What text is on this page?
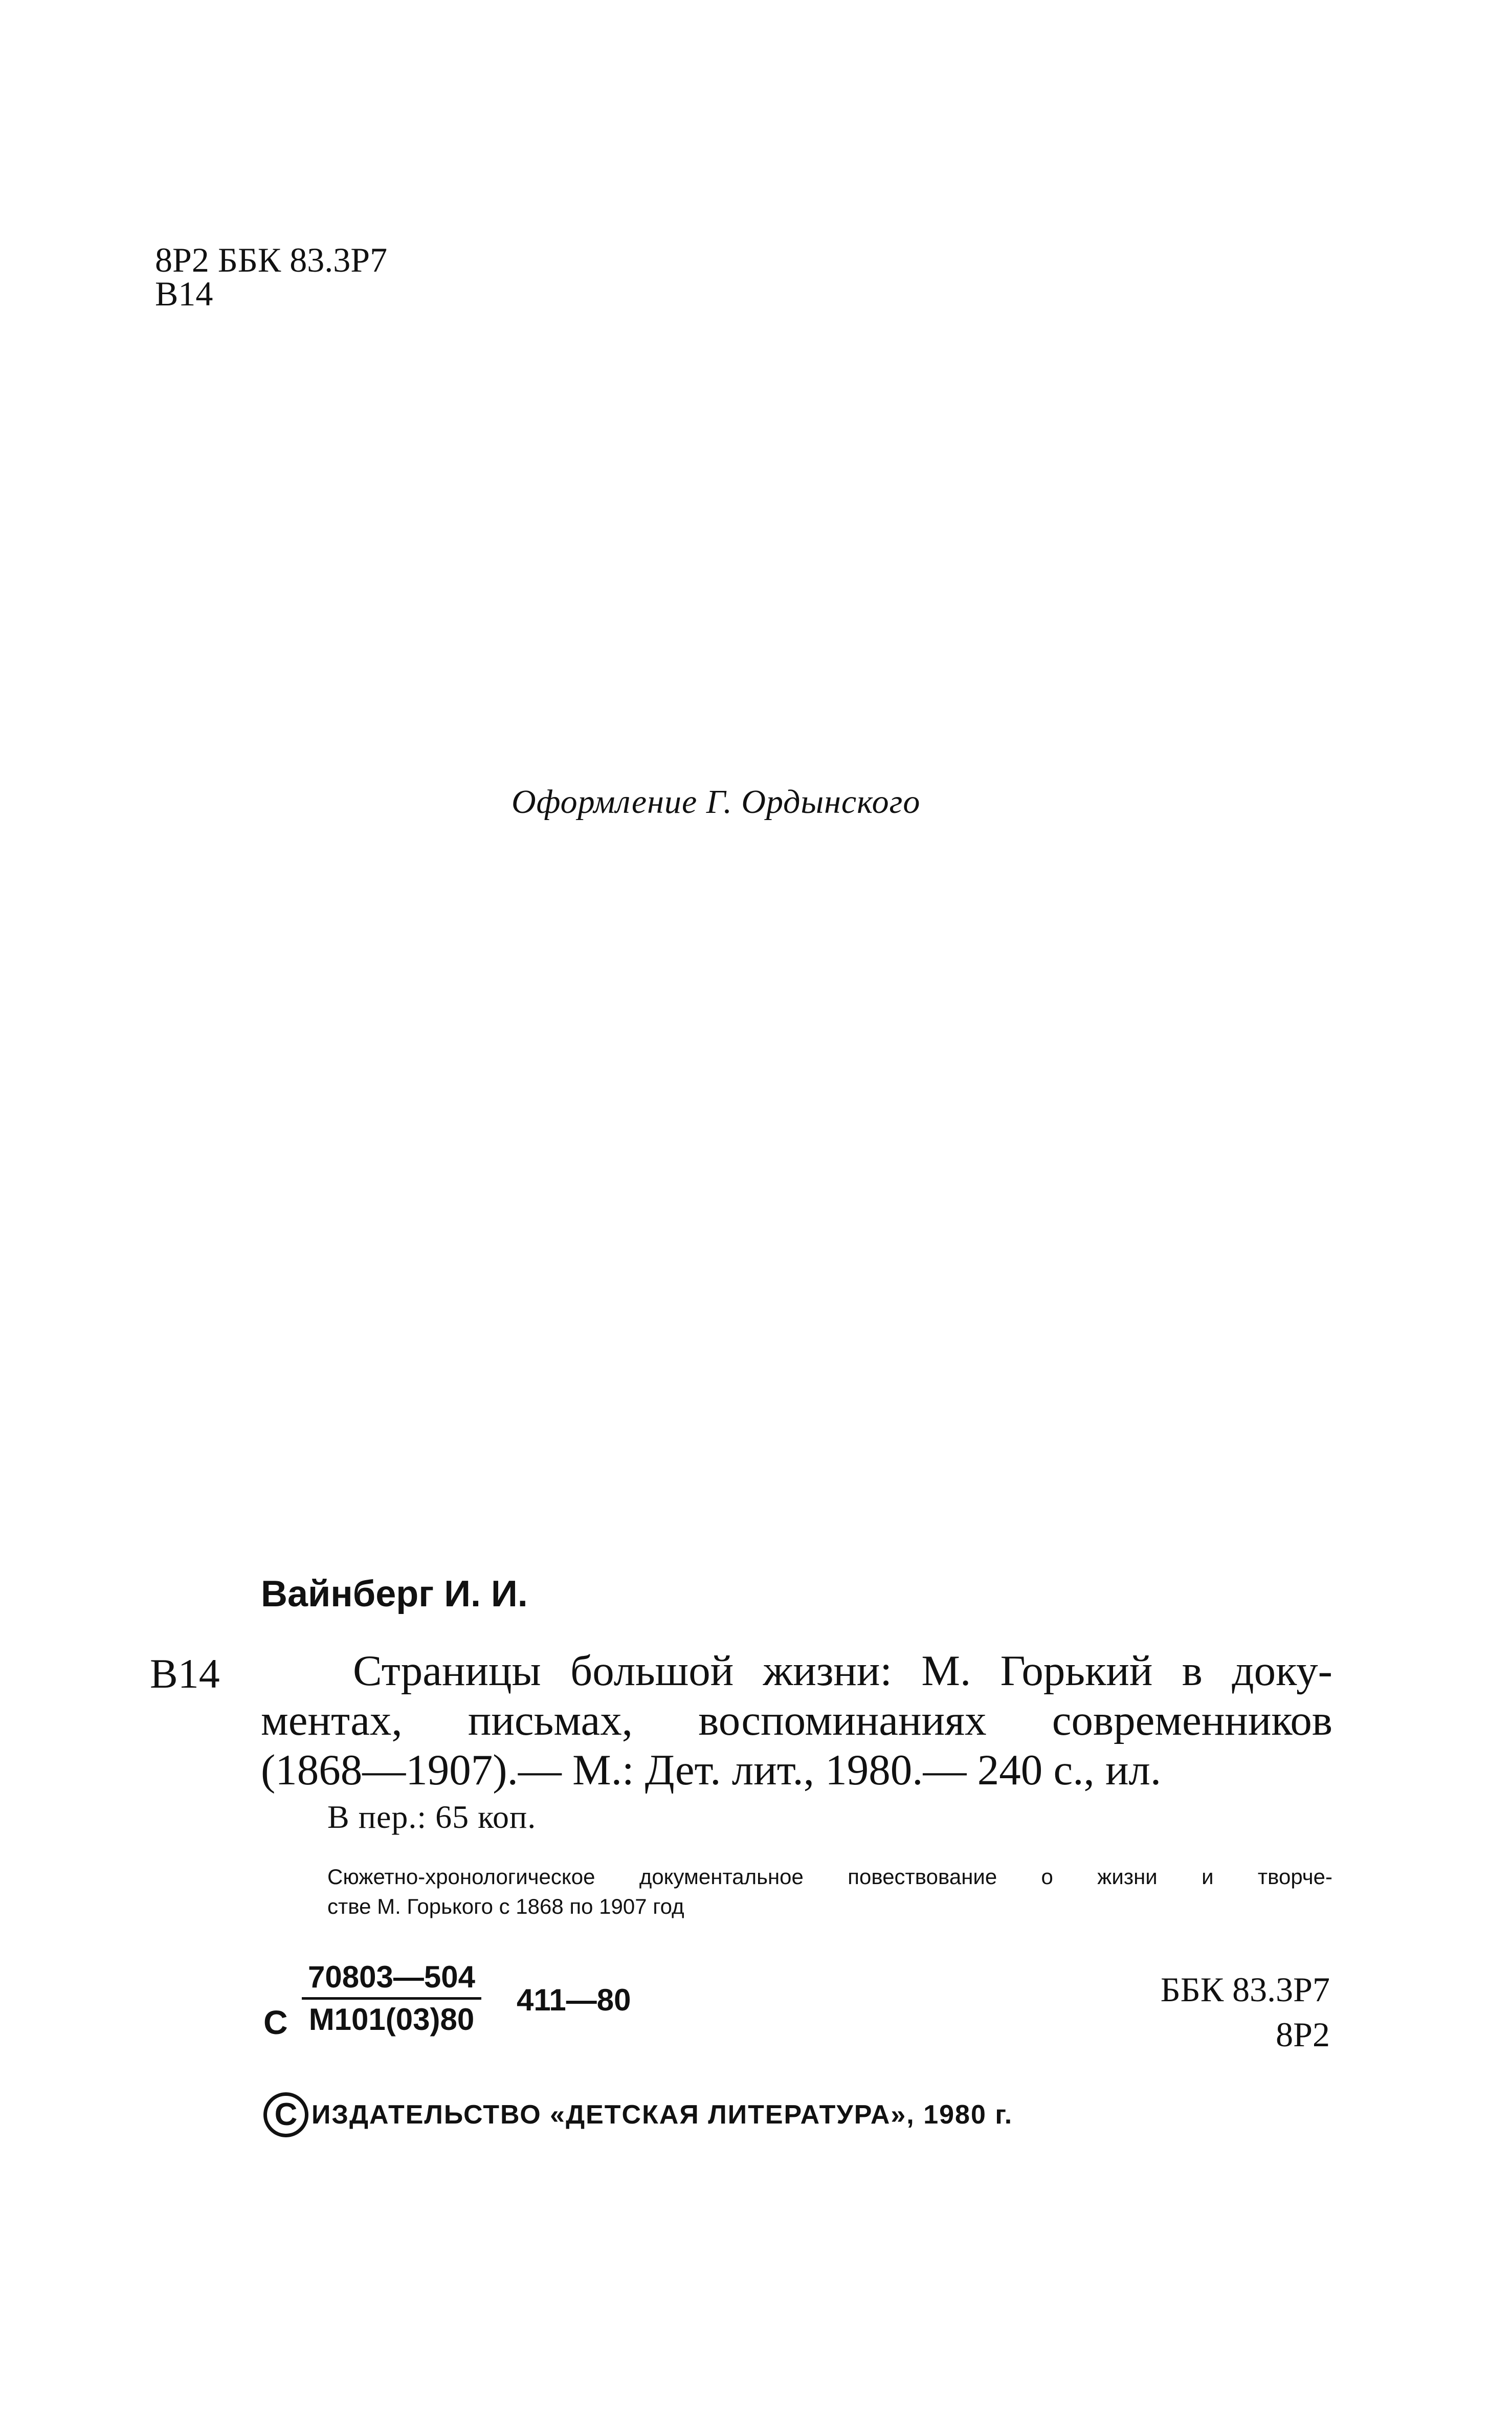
8Р2 ББК 83.3Р7
В14
Оформление Г. Ордынского
Вайнберг И. И.
В14	Страницы большой жизни: М. Горький в доку-
ментах, письмах, воспоминаниях современников
(1868—1907).— М.: Дет. лит., 1980.— 240 с., ил.
В пер.: 65 коп.
Сюжетно-хронологическое документальное повествование о жизни и творче-
стве М. Горького с 1868 по 1907 год
С
70803—504
М101(03)80
411—80	ББК 83.3Р7
8Р2
С ИЗДАТЕЛЬСТВО «ДЕТСКАЯ ЛИТЕРАТУРА», 1980 г.
